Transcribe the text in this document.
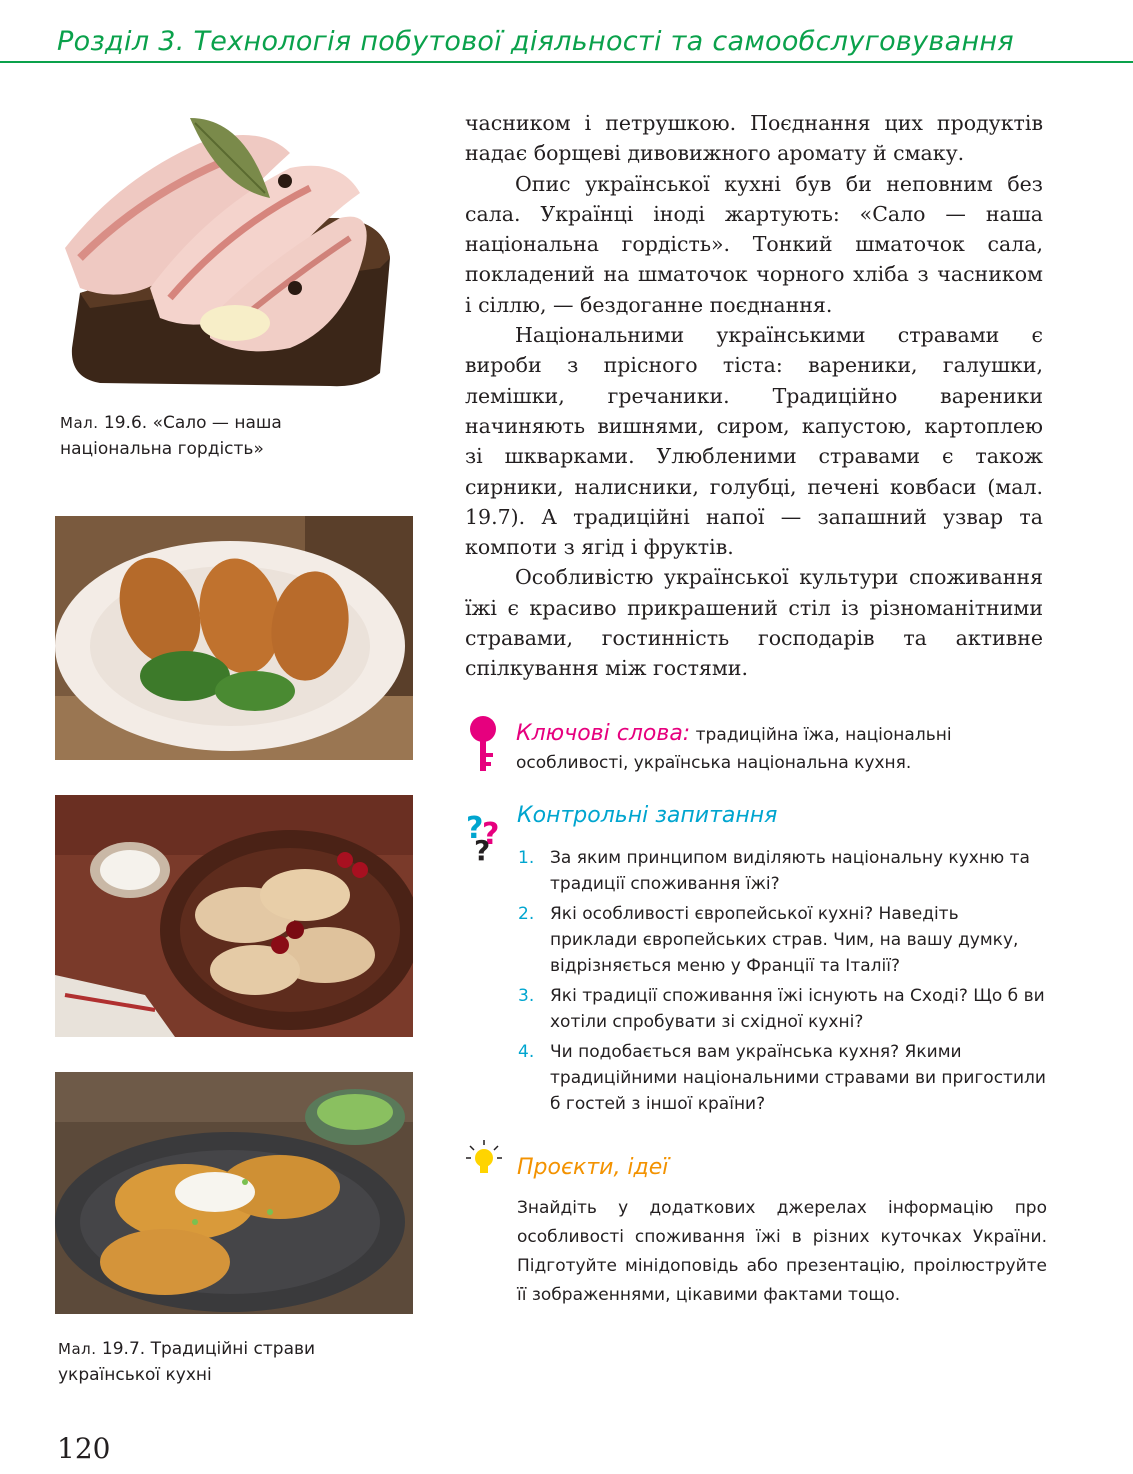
Розділ 3. Технологія побутової діяльності та самообслуговування
Мал. 19.6. «Сало — наша національна гордість»
Мал. 19.7. Традиційні страви української кухні

часником і петрушкою. Поєднання цих продуктів надає борщеві дивовижного аромату й смаку.

Опис української кухні був би неповним без сала. Українці іноді жартують: «Сало — наша національна гордість». Тонкий шматочок сала, покладений на шматочок чорного хліба з часником і сіллю, — бездоганне поєднання.

Національними українськими стравами є вироби з прісного тіста: вареники, галушки, лемішки, гречаники. Традиційно вареники начиняють вишнями, сиром, капустою, картоплею зі шкварками. Улюбленими стравами є також сирники, налисники, голубці, печені ковбаси (мал. 19.7). А традиційні напої — запашний узвар та компоти з ягід і фруктів.

Особливістю української культури споживання їжі є красиво прикрашений стіл із різноманітними стравами, гостинність господарів та активне спілкування між гостями.

Ключові слова: традиційна їжа, національні особливості, українська національна кухня.
?
?
?
Контрольні запитання
1. За яким принципом виділяють національну кухню та традиції споживання їжі?
2. Які особливості європейської кухні? Наведіть приклади європейських страв. Чим, на вашу думку, відрізняється меню у Франції та Італії?
3. Які традиції споживання їжі існують на Сході? Що б ви хотіли спробувати зі східної кухні?
4. Чи подобається вам українська кухня? Якими традиційними національними стравами ви пригостили б гостей з іншої країни?
Проєкти, ідеї
Знайдіть у додаткових джерелах інформацію про особливості споживання їжі в різних куточках України. Підготуйте мінідоповідь або презентацію, проілюструйте її зображеннями, цікавими фактами тощо.
120
